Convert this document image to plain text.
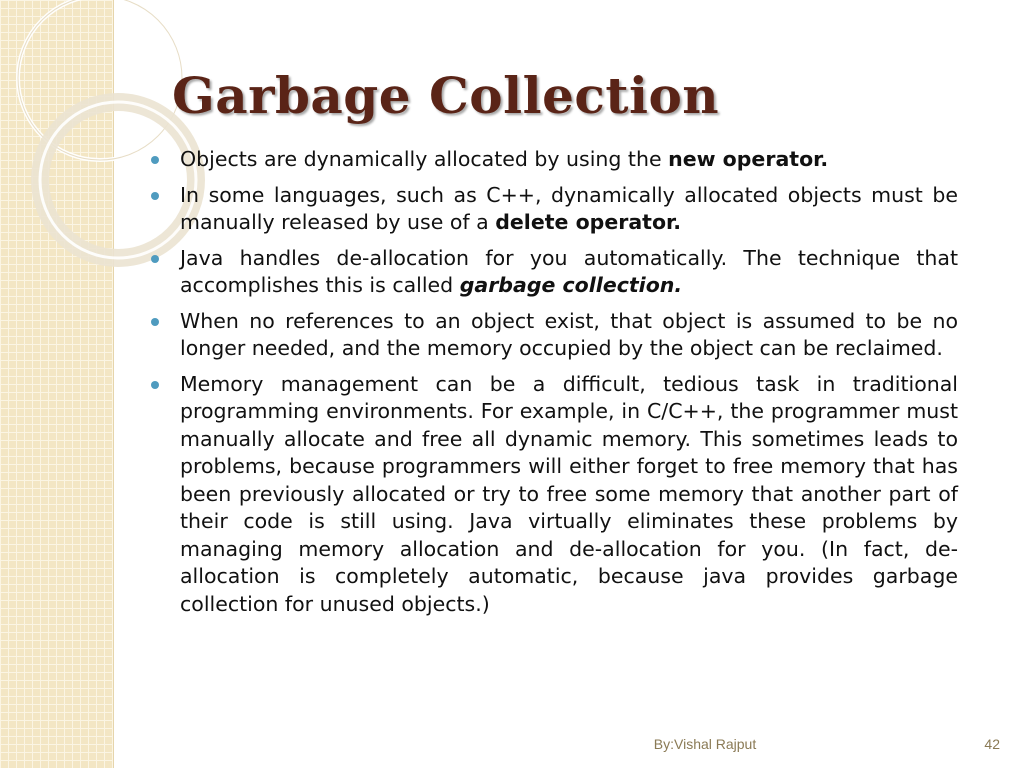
Garbage Collection
Objects are dynamically allocated by using the new operator.
In some languages, such as C++, dynamically allocated objects must be manually released by use of a delete operator.
Java handles de-allocation for you automatically. The technique that accomplishes this is called garbage collection.
When no references to an object exist, that object is assumed to be no longer needed, and the memory occupied by the object can be reclaimed.
Memory management can be a difficult, tedious task in traditional programming environments. For example, in C/C++, the programmer must manually allocate and free all dynamic memory. This sometimes leads to problems, because programmers will either forget to free memory that has been previously allocated or try to free some memory that another part of their code is still using. Java virtually eliminates these problems by managing memory allocation and de-allocation for you. (In fact, de-allocation is completely automatic, because java provides garbage collection for unused objects.)
By:Vishal Rajput	42
